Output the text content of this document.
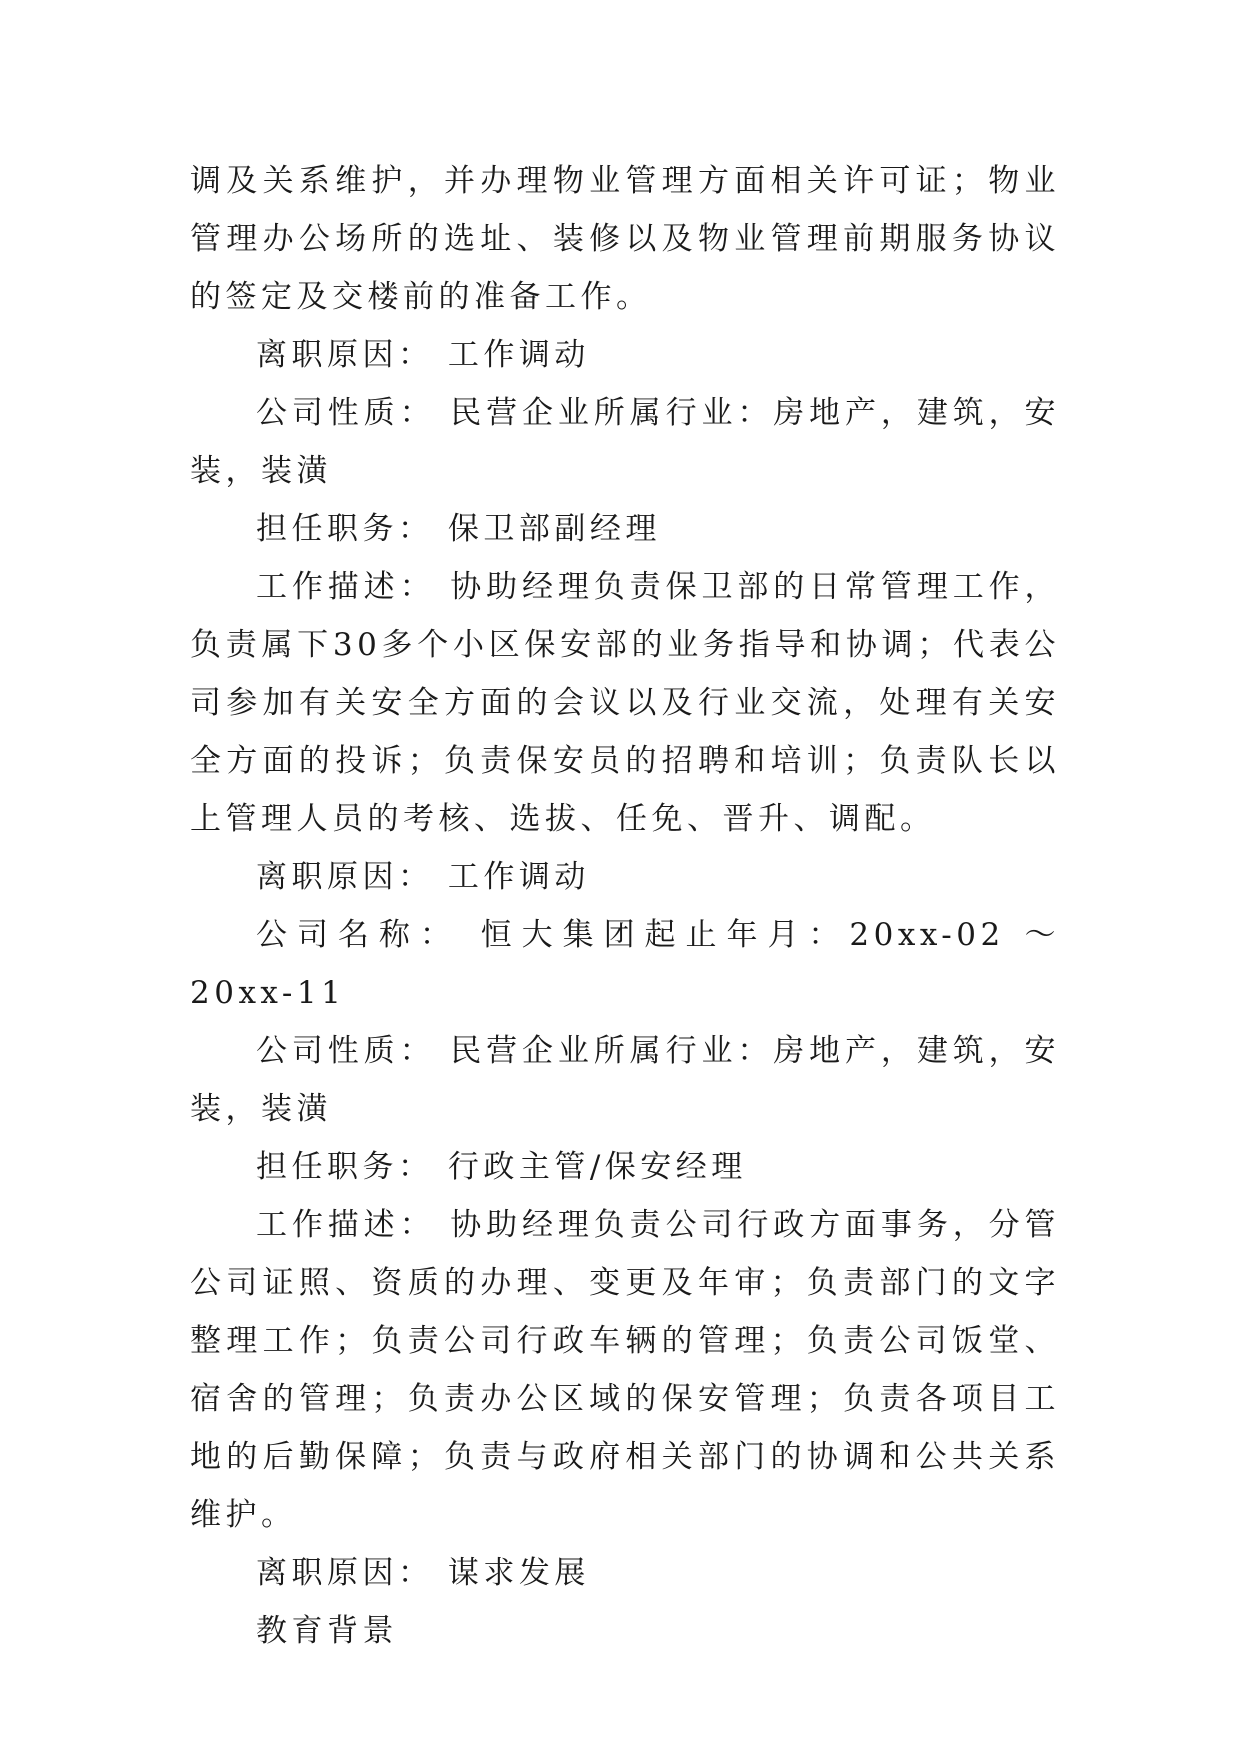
调及关系维护，并办理物业管理方面相关许可证；物业管理办公场所的选址、装修以及物业管理前期服务协议的签定及交楼前的准备工作。

离职原因： 工作调动

公司性质： 民营企业所属行业：房地产，建筑，安装，装潢

担任职务： 保卫部副经理

工作描述： 协助经理负责保卫部的日常管理工作，负责属下30多个小区保安部的业务指导和协调；代表公司参加有关安全方面的会议以及行业交流，处理有关安全方面的投诉；负责保安员的招聘和培训；负责队长以上管理人员的考核、选拔、任免、晋升、调配。

离职原因： 工作调动

公司名称： 恒大集团起止年月：20xx-02 ～ 20xx-11

公司性质： 民营企业所属行业：房地产，建筑，安装，装潢

担任职务： 行政主管/保安经理

工作描述： 协助经理负责公司行政方面事务，分管公司证照、资质的办理、变更及年审；负责部门的文字整理工作；负责公司行政车辆的管理；负责公司饭堂、宿舍的管理；负责办公区域的保安管理；负责各项目工地的后勤保障；负责与政府相关部门的协调和公共关系维护。

离职原因： 谋求发展

教育背景
